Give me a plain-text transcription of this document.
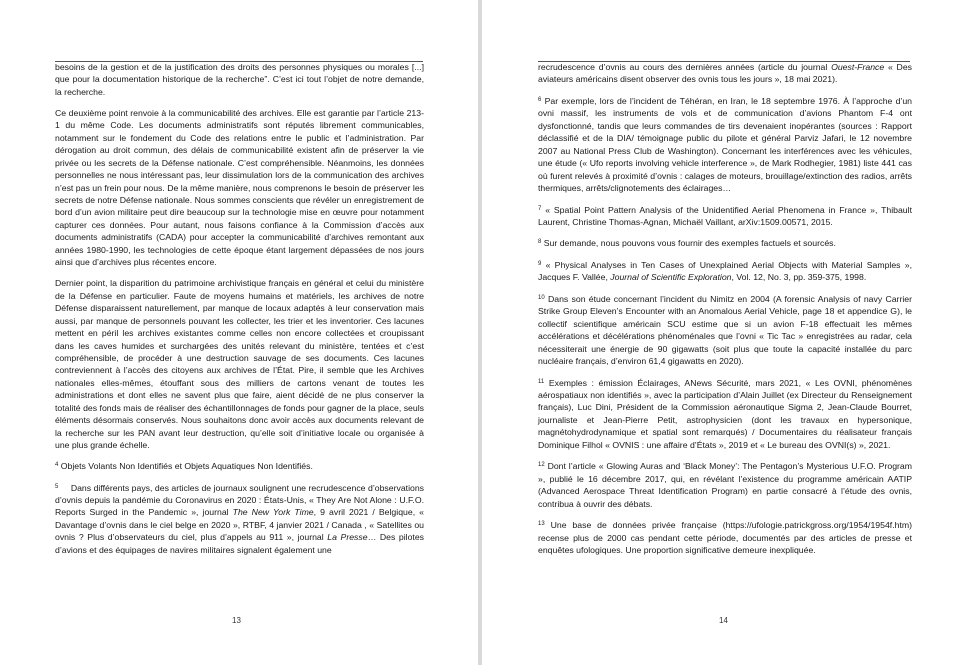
besoins de la gestion et de la justification des droits des personnes physiques ou morales [...] que pour la documentation historique de la recherche”. C’est ici tout l’objet de notre demande, la recherche.

Ce deuxième point renvoie à la communicabilité des archives. Elle est garantie par l’article 213-1 du même Code. Les documents administratifs sont réputés librement communicables, notamment sur le fondement du Code des relations entre le public et l’administration. Par dérogation au droit commun, des délais de communicabilité existent afin de préserver la vie privée ou les secrets de la Défense nationale. C’est compréhensible. Néanmoins, les données personnelles ne nous intéressant pas, leur dissimulation lors de la communication des archives n’est pas un frein pour nous. De la même manière, nous comprenons le besoin de préserver les secrets de notre Défense nationale. Nous sommes conscients que révéler un enregistrement de bord d’un avion militaire peut dire beaucoup sur la technologie mise en œuvre pour notamment capturer ces données. Pour autant, nous faisons confiance à la Commission d’accès aux documents administratifs (CADA) pour accepter la communicabilité d’archives remontant aux années 1980-1990, les technologies de cette époque étant largement dépassées de nos jours ainsi que d’archives plus récentes encore.

Dernier point, la disparition du patrimoine archivistique français en général et celui du ministère de la Défense en particulier. Faute de moyens humains et matériels, les archives de notre Défense disparaissent naturellement, par manque de locaux adaptés à leur conservation mais aussi, par manque de personnels pouvant les collecter, les trier et les inventorier. Ces lacunes mettent en péril les archives existantes comme celles non encore collectées et croupissant dans les caves humides et surchargées des unités relevant du ministère, tentées et c’est compréhensible, de procéder à une destruction sauvage de ses documents. Ces lacunes contreviennent à l’accès des citoyens aux archives de l’État. Pire, il semble que les Archives nationales elles-mêmes, étouffant sous des milliers de cartons venant de toutes les administrations et dont elles ne savent plus que faire, aient décidé de ne plus conserver la totalité des fonds mais de réaliser des échantillonnages de fonds pour gagner de la place, seuls éléments désormais conservés. Nous souhaitons donc avoir accès aux documents relevant de la recherche sur les PAN avant leur destruction, qu’elle soit d’initiative locale ou organisée à une plus grande échelle.

$^4$ Objets Volants Non Identifiés et Objets Aquatiques Non Identifiés.

$^5$ Dans différents pays, des articles de journaux soulignent une recrudescence d’observations d’ovnis depuis la pandémie du Coronavirus en 2020 : États-Unis, « They Are Not Alone : U.F.O. Reports Surged in the Pandemic », journal The New York Time, 9 avril 2021 / Belgique, « Davantage d’ovnis dans le ciel belge en 2020 », RTBF, 4 janvier 2021 / Canada , « Satellites ou ovnis ? Plus d’observateurs du ciel, plus d’appels au 911 », journal La Presse… Des pilotes d’avions et des équipages de navires militaires signalent également une

13

recrudescence d’ovnis au cours des dernières années (article du journal Ouest-France « Des aviateurs américains disent observer des ovnis tous les jours », 18 mai 2021).

$^6$ Par exemple, lors de l’incident de Téhéran, en Iran, le 18 septembre 1976. À l’approche d’un ovni massif, les instruments de vols et de communication d’avions Phantom F-4 ont dysfonctionné, tandis que leurs commandes de tirs devenaient inopérantes (sources : Rapport déclassifié et de la DIA/ témoignage public du pilote et général Parviz Jafari, le 12 novembre 2007 au National Press Club de Washington). Concernant les interférences avec les véhicules, une étude (« Ufo reports involving vehicle interference », de Mark Rodhegier, 1981) liste 441 cas où furent relevés à proximité d’ovnis : calages de moteurs, brouillage/extinction des radios, arrêts thermiques, arrêts/clignotements des éclairages…

$^7$ « Spatial Point Pattern Analysis of the Unidentified Aerial Phenomena in France », Thibault Laurent, Christine Thomas-Agnan, Michaël Vaillant, arXiv:1509.00571, 2015.

$^8$ Sur demande, nous pouvons vous fournir des exemples factuels et sourcés.

$^9$ « Physical Analyses in Ten Cases of Unexplained Aerial Objects with Material Samples », Jacques F. Vallée, Journal of Scientific Exploration, Vol. 12, No. 3, pp. 359-375, 1998.

$^{10}$ Dans son étude concernant l’incident du Nimitz en 2004 (A forensic Analysis of navy Carrier Strike Group Eleven’s Encounter with an Anomalous Aerial Vehicle, page 18 et appendice G), le collectif scientifique américain SCU estime que si un avion F-18 effectuait les mêmes accélérations et décélérations phénoménales que l’ovni « Tic Tac » enregistrées au radar, cela nécessiterait une énergie de 90 gigawatts (soit plus que toute la capacité installée du parc nucléaire français, d’environ 61,4 gigawatts en 2020).

$^{11}$ Exemples : émission Éclairages, ANews Sécurité, mars 2021, « Les OVNI, phénomènes aérospatiaux non identifiés », avec la participation d’Alain Juillet (ex Directeur du Renseignement français), Luc Dini, Président de la Commission aéronautique Sigma 2, Jean-Claude Bourret, journaliste et Jean-Pierre Petit, astrophysicien (dont les travaux en hypersonique, magnétohydrodynamique et spatial sont remarqués) / Documentaires du réalisateur français Dominique Filhol « OVNIS : une affaire d’États », 2019 et « Le bureau des OVNI(s) », 2021.

$^{12}$ Dont l’article « Glowing Auras and ‘Black Money’: The Pentagon’s Mysterious U.F.O. Program », publié le 16 décembre 2017, qui, en révélant l’existence du programme américain AATIP (Advanced Aerospace Threat Identification Program) en partie consacré à l’étude des ovnis, contribua à ouvrir des débats.

$^{13}$ Une base de données privée française (https://ufologie.patrickgross.org/1954/1954f.htm) recense plus de 2000 cas pendant cette période, documentés par des articles de presse et enquêtes ufologiques. Une proportion significative demeure inexpliquée.

14
